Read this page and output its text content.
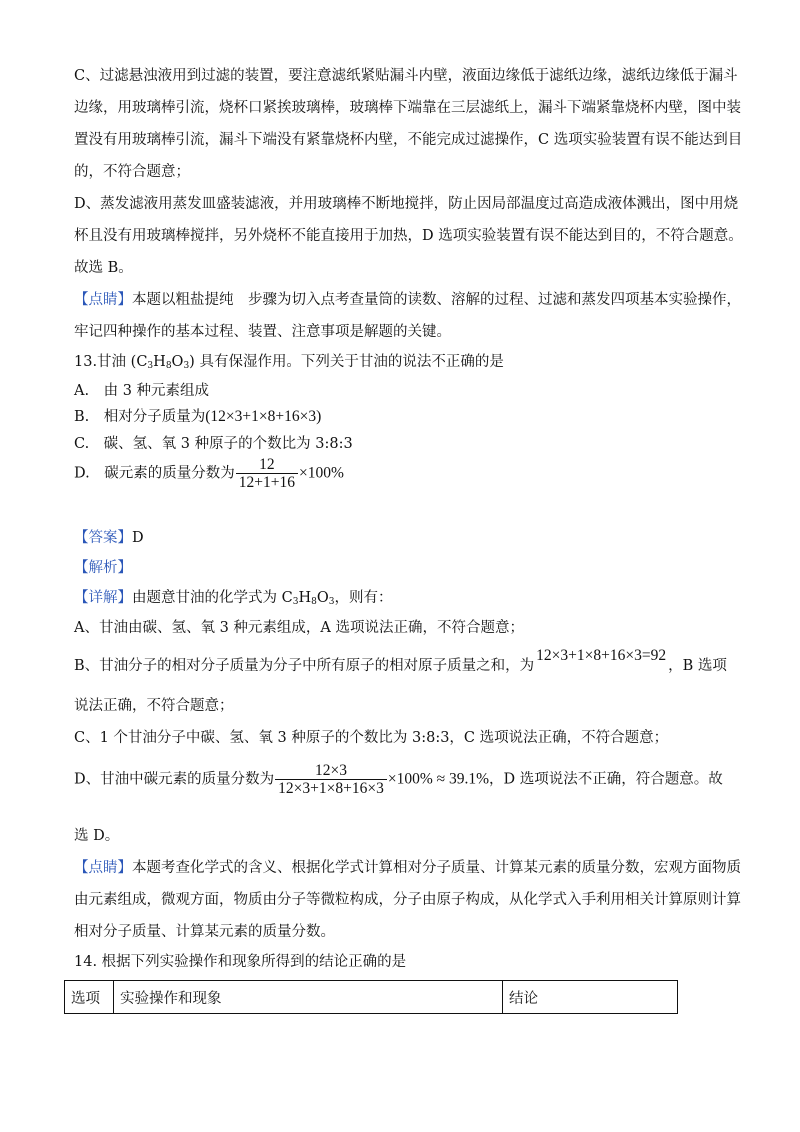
C、过滤悬浊液用到过滤的装置，要注意滤纸紧贴漏斗内壁，液面边缘低于滤纸边缘，滤纸边缘低于漏斗
边缘，用玻璃棒引流，烧杯口紧挨玻璃棒，玻璃棒下端靠在三层滤纸上，漏斗下端紧靠烧杯内壁，图中装
置没有用玻璃棒引流，漏斗下端没有紧靠烧杯内壁，不能完成过滤操作，C 选项实验装置有误不能达到目
的，不符合题意；
D、蒸发滤液用蒸发皿盛装滤液，并用玻璃棒不断地搅拌，防止因局部温度过高造成液体溅出，图中用烧
杯且没有用玻璃棒搅拌，另外烧杯不能直接用于加热，D 选项实验装置有误不能达到目的，不符合题意。
故选 B。
【点睛】本题以粗盐提纯　步骤为切入点考查量筒的读数、溶解的过程、过滤和蒸发四项基本实验操作，
牢记四种操作的基本过程、装置、注意事项是解题的关键。
13.甘油 $(C_3H_8O_3)$ 具有保湿作用。下列关于甘油的说法不正确的是
A.　由 3 种元素组成
B.　相对分子质量为(12×3+1×8+16×3)
C.　碳、氢、氧 3 种原子的个数比为 3:8:3
D.　碳元素的质量分数为 $\frac{12}{12+1+16} \times 100\%$
【答案】D
【解析】
【详解】由题意甘油的化学式为 $C_3H_8O_3$，则有：
A、甘油由碳、氢、氧 3 种元素组成，A 选项说法正确，不符合题意；
B、甘油分子的相对分子质量为分子中所有原子的相对原子质量之和，为12×3+1×8+16×3=92，B 选项
说法正确，不符合题意；
C、1 个甘油分子中碳、氢、氧 3 种原子的个数比为 3:8:3，C 选项说法正确，不符合题意；
D、甘油中碳元素的质量分数为 $\frac{12\times 3}{12\times 3+1\times 8+16\times 3} \times 100\% \approx 39.1\%$，D 选项说法不正确，符合题意。故
选 D。
【点睛】本题考查化学式的含义、根据化学式计算相对分子质量、计算某元素的质量分数，宏观方面物质
由元素组成，微观方面，物质由分子等微粒构成，分子由原子构成，从化学式入手利用相关计算原则计算
相对分子质量、计算某元素的质量分数。
14. 根据下列实验操作和现象所得到的结论正确的是
选项	实验操作和现象	结论
